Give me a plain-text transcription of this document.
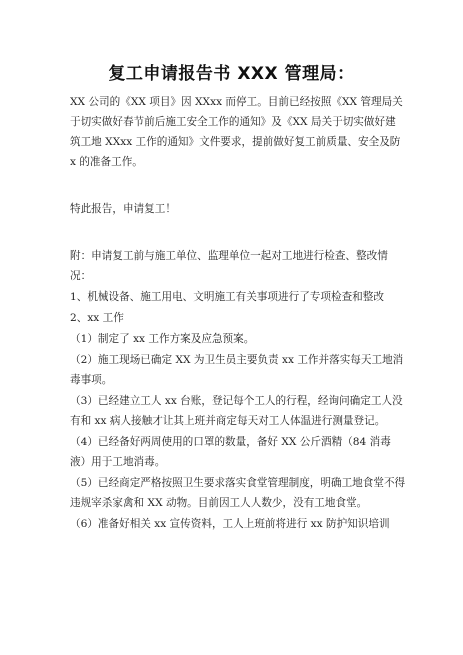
复工申请报告书 XXX 管理局：

XX 公司的《XX 项目》因 XXxx 而停工。目前已经按照《XX 管理局关于切实做好春节前后施工安全工作的通知》及《XX 局关于切实做好建筑工地 XXxx 工作的通知》文件要求，提前做好复工前质量、安全及防 x 的准备工作。

特此报告，申请复工！

附：申请复工前与施工单位、监理单位一起对工地进行检查、整改情况：

1、机械设备、施工用电、文明施工有关事项进行了专项检查和整改

2、xx 工作

（1）制定了 xx 工作方案及应急预案。

（2）施工现场已确定 XX 为卫生员主要负责 xx 工作并落实每天工地消毒事项。

（3）已经建立工人 xx 台账，登记每个工人的行程，经询问确定工人没有和 xx 病人接触才让其上班并商定每天对工人体温进行测量登记。

（4）已经备好两周使用的口罩的数量，备好 XX 公斤酒精（84 消毒液）用于工地消毒。

（5）已经商定严格按照卫生要求落实食堂管理制度，明确工地食堂不得违规宰杀家禽和 XX 动物。目前因工人人数少，没有工地食堂。

（6）准备好相关 xx 宣传资料，工人上班前将进行 xx 防护知识培训
